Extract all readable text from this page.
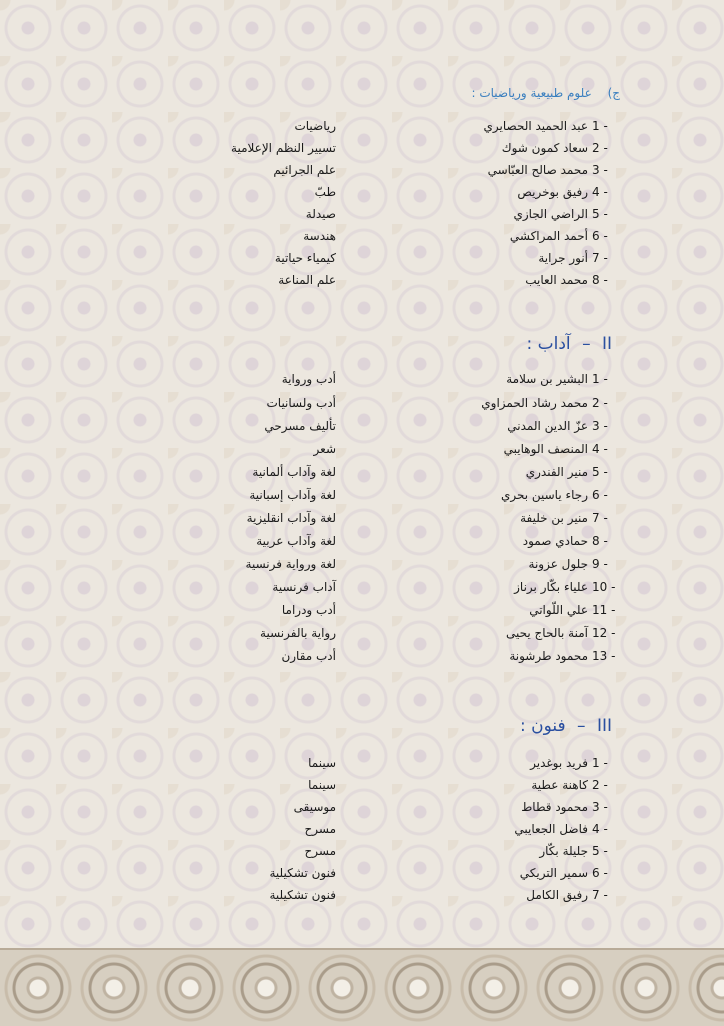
ج) علوم طبيعية ورياضيات :
1 -
عبد الحميد الحصايري
رياضيات
2 -
سعاد كمون شوك
تسيير النظم الإعلامية
3 -
محمد صالح العبّاسي
علم الجرائيم
4 -
رفيق بوخريص
طبّ
5 -
الراضي الجازي
صيدلة
6 -
أحمد المراكشي
هندسة
7 -
أنور جراية
كيمياء حياتية
8 -
محمد العايب
علم المناعة
II – آداب :
1 -
البشير بن سلامة
أدب ورواية
2 -
محمد رشاد الحمزاوي
أدب ولسانيات
3 -
عزّ الدين المدني
تأليف مسرحي
4 -
المنصف الوهايبي
شعر
5 -
منير الفندري
لغة وآداب ألمانية
6 -
رجاء ياسين بحري
لغة وآداب إسبانية
7 -
منير بن خليفة
لغة وآداب انقليزية
8 -
حمادي صمود
لغة وآداب عربية
9 -
جلول عزونة
لغة ورواية فرنسية
10 -
علياء بكّار برناز
آداب فرنسية
11 -
علي اللّواتي
أدب ودراما
12 -
آمنة بالحاج يحيى
رواية بالفرنسية
13 -
محمود طرشونة
أدب مقارن
III – فنون :
1 -
فريد بوغدير
سينما
2 -
كاهنة عطية
سينما
3 -
محمود قطاط
موسيقى
4 -
فاضل الجعايبي
مسرح
5 -
جليلة بكّار
مسرح
6 -
سمير التريكي
فنون تشكيلية
7 -
رفيق الكامل
فنون تشكيلية
